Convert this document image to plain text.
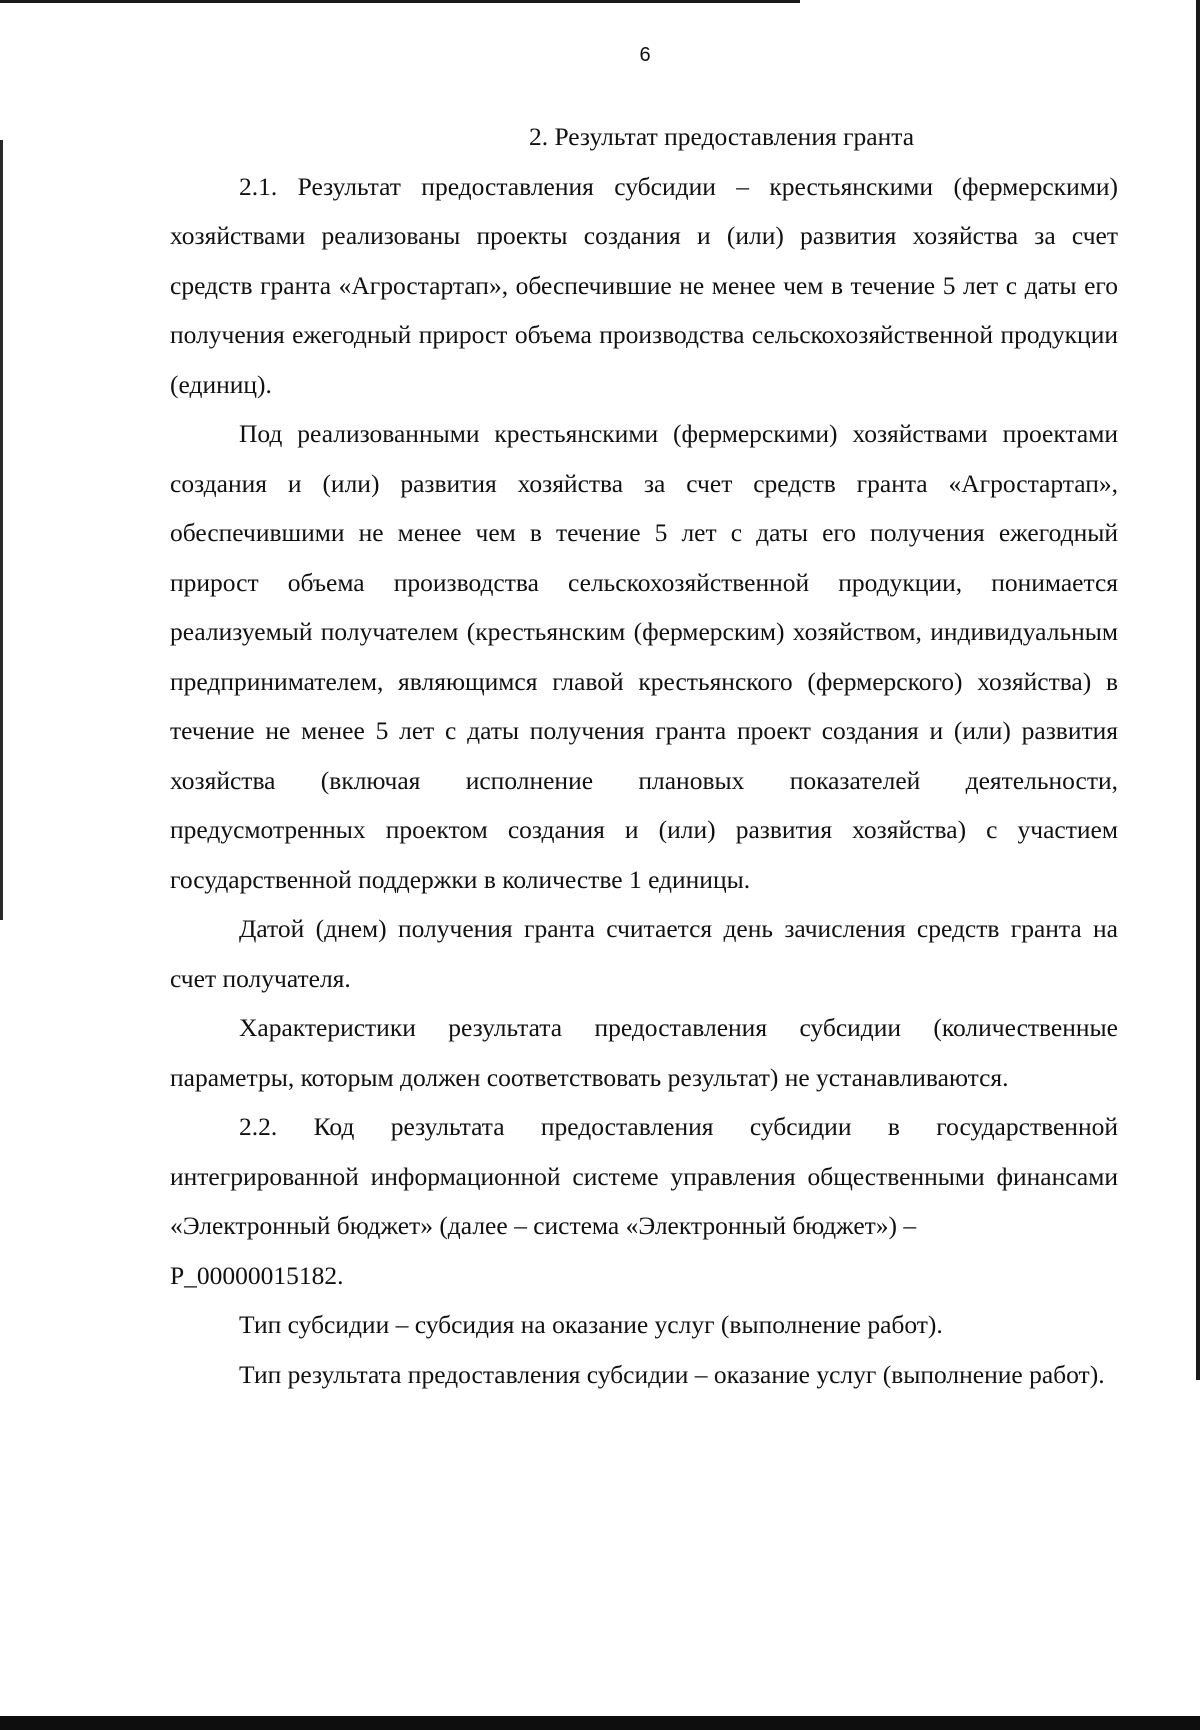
6
2. Результат предоставления гранта

2.1. Результат предоставления субсидии – крестьянскими (фермерскими) хозяйствами реализованы проекты создания и (или) развития хозяйства за счет средств гранта «Агростартап», обеспечившие не менее чем в течение 5 лет с даты его получения ежегодный прирост объема производства сельскохозяйственной продукции (единиц).

Под реализованными крестьянскими (фермерскими) хозяйствами проектами создания и (или) развития хозяйства за счет средств гранта «Агростартап», обеспечившими не менее чем в течение 5 лет с даты его получения ежегодный прирост объема производства сельскохозяйственной продукции, понимается реализуемый получателем (крестьянским (фермерским) хозяйством, индивидуальным предпринимателем, являющимся главой крестьянского (фермерского) хозяйства) в течение не менее 5 лет с даты получения гранта проект создания и (или) развития хозяйства (включая исполнение плановых показателей деятельности, предусмотренных проектом создания и (или) развития хозяйства) с участием государственной поддержки в количестве 1 единицы.

Датой (днем) получения гранта считается день зачисления средств гранта на счет получателя.

Характеристики результата предоставления субсидии (количественные параметры, которым должен соответствовать результат) не устанавливаются.

2.2. Код результата предоставления субсидии в государственной интегрированной информационной системе управления общественными финансами «Электронный бюджет» (далее – система «Электронный бюджет») –
P_00000015182.

Тип субсидии – субсидия на оказание услуг (выполнение работ).

Тип результата предоставления субсидии – оказание услуг (выполнение работ).
